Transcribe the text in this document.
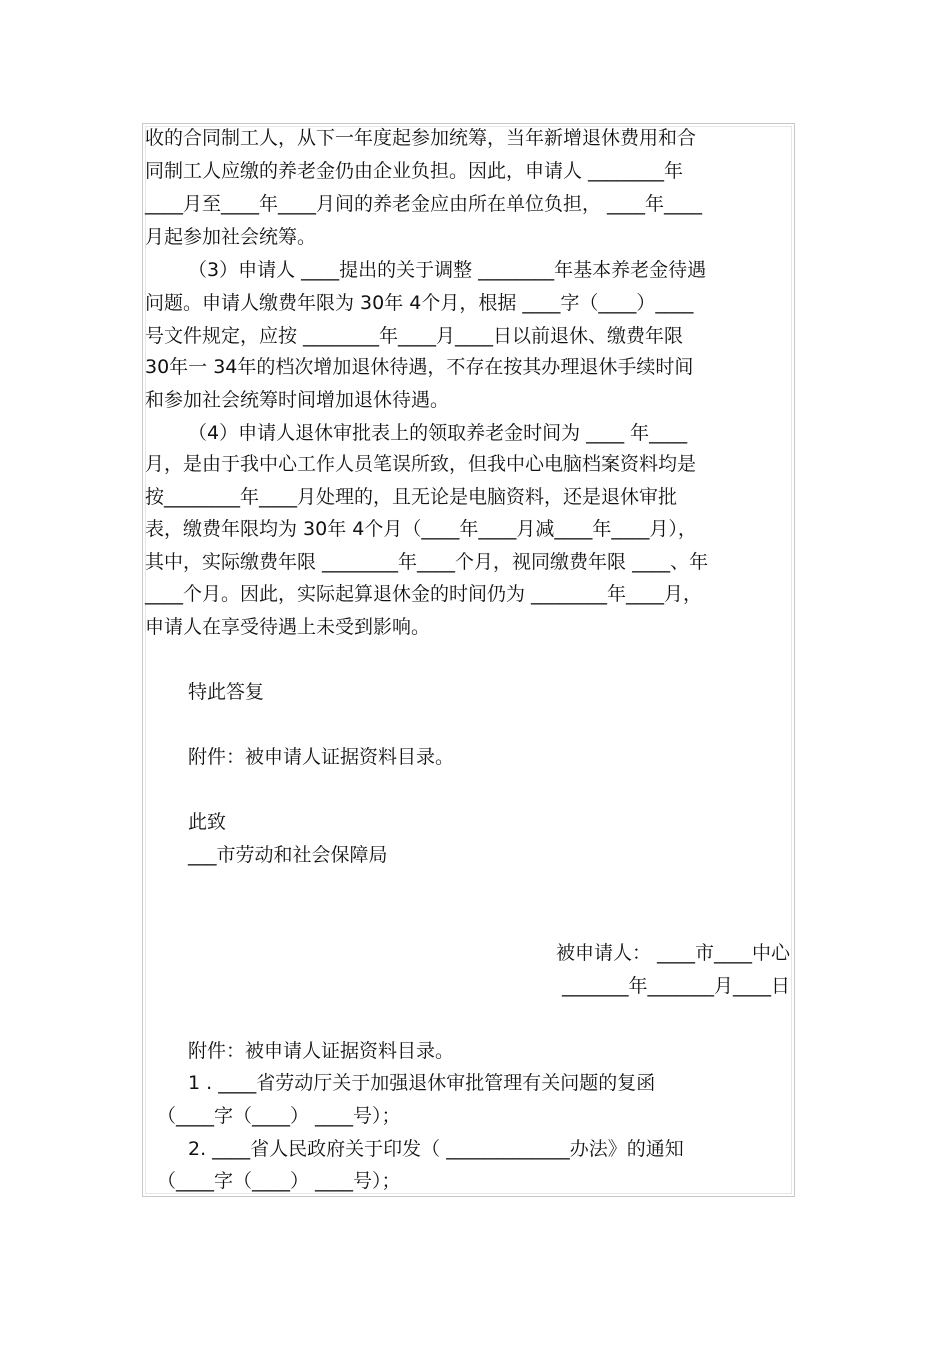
收的合同制工人，从下一年度起参加统筹，当年新增退休费用和合
同制工人应缴的养老金仍由企业负担。因此，申请人 ________年
____月至____年____月间的养老金应由所在单位负担， ____年____
月起参加社会统筹。
（3）申请人 ____提出的关于调整 ________年基本养老金待遇
问题。申请人缴费年限为 30年 4个月，根据 ____字（____）____
号文件规定，应按 ________年____月____日以前退休、缴费年限
30年一 34年的档次增加退休待遇，不存在按其办理退休手续时间
和参加社会统筹时间增加退休待遇。
（4）申请人退休审批表上的领取养老金时间为 ____ 年____
月，是由于我中心工作人员笔误所致，但我中心电脑档案资料均是
按________年____月处理的，且无论是电脑资料，还是退休审批
表，缴费年限均为 30年 4个月（____年____月减____年____月），
其中，实际缴费年限 ________年____个月，视同缴费年限 ____、年
____个月。因此，实际起算退休金的时间仍为 ________年____月，
申请人在享受待遇上未受到影响。
特此答复
附件：被申请人证据资料目录。
此致
___市劳动和社会保障局
被申请人： ____市____中心
_______年_______月____日
附件：被申请人证据资料目录。
1 . ____省劳动厅关于加强退休审批管理有关问题的复函
（____字（____） ____号）；
2. ____省人民政府关于印发（ _____________办法》的通知
（____字（____） ____号）；
